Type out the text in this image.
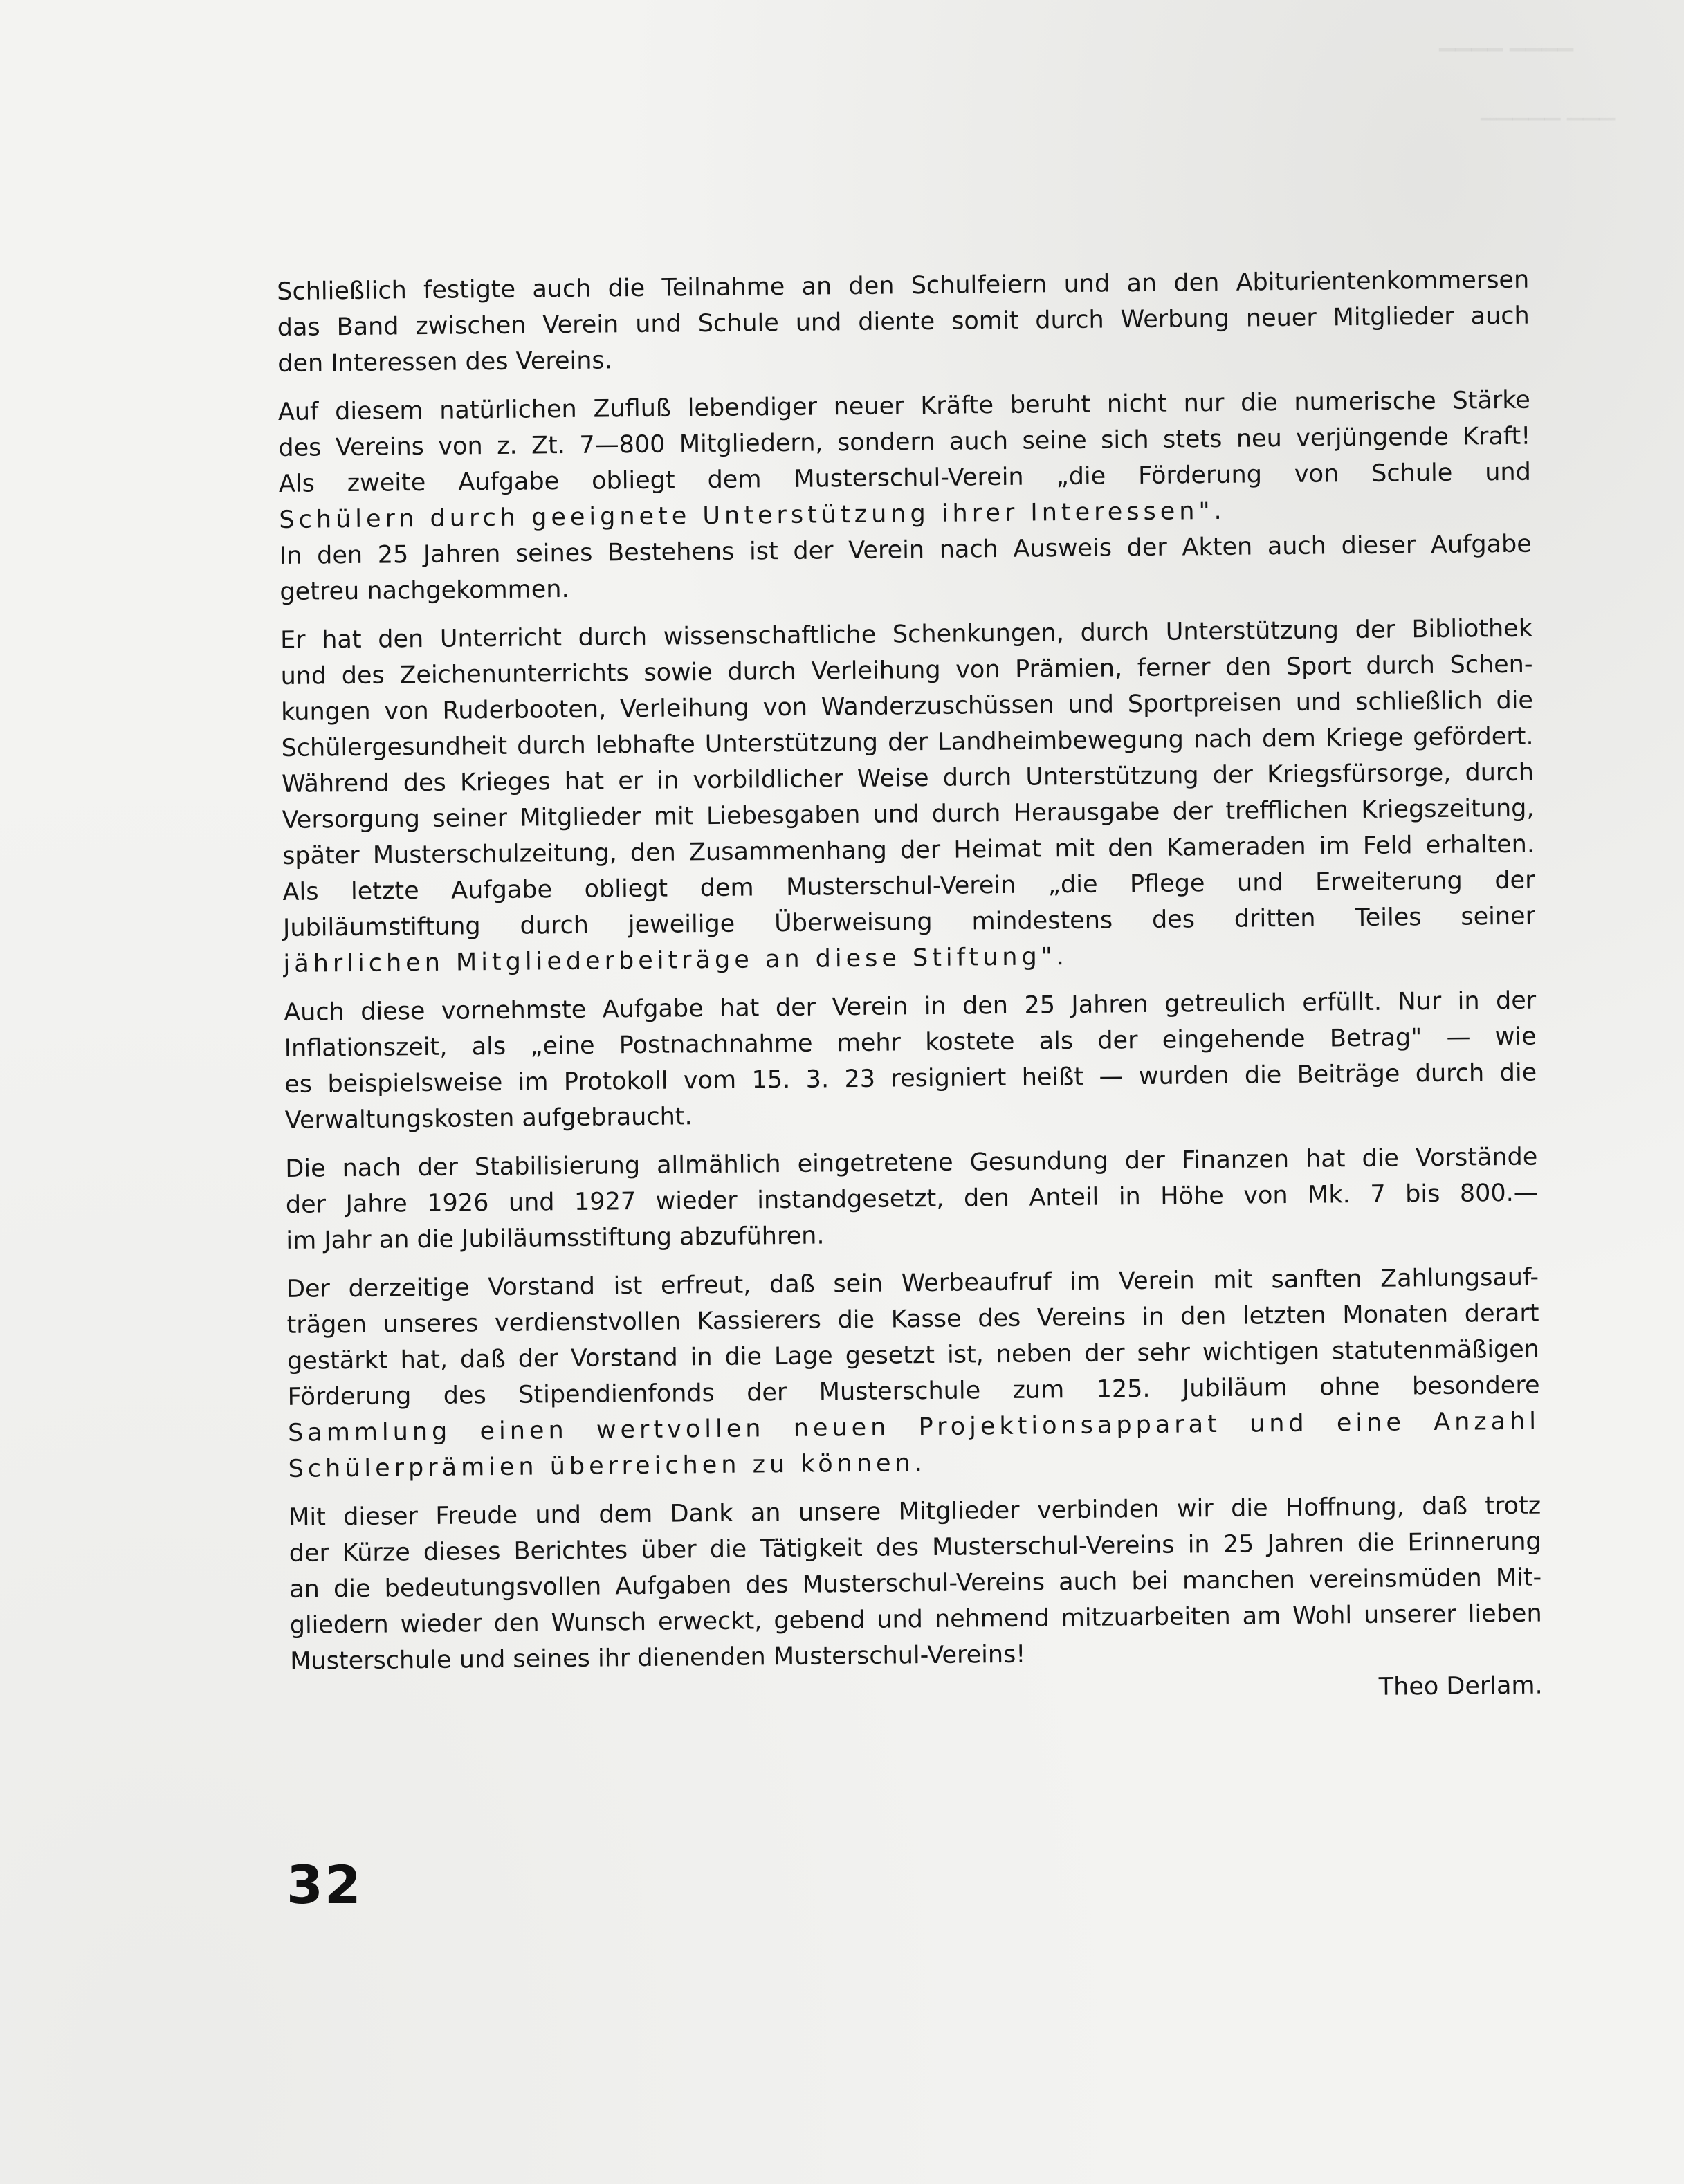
▁▁▁▁ ▁▁▁▁
▁▁▁▁▁ ▁▁▁
Schließlich festigte auch die Teilnahme an den Schulfeiern und an den Abiturientenkommersen
das Band zwischen Verein und Schule und diente somit durch Werbung neuer Mitglieder auch
den Interessen des Vereins.
Auf diesem natürlichen Zufluß lebendiger neuer Kräfte beruht nicht nur die numerische Stärke
des Vereins von z. Zt. 7—800 Mitgliedern, sondern auch seine sich stets neu verjüngende Kraft!
Als zweite Aufgabe obliegt dem Musterschul-Verein „die Förderung von Schule und
Schülern durch geeignete Unterstützung ihrer Interessen".
In den 25 Jahren seines Bestehens ist der Verein nach Ausweis der Akten auch dieser Aufgabe
getreu nachgekommen.
Er hat den Unterricht durch wissenschaftliche Schenkungen, durch Unterstützung der Bibliothek
und des Zeichenunterrichts sowie durch Verleihung von Prämien, ferner den Sport durch Schen-
kungen von Ruderbooten, Verleihung von Wanderzuschüssen und Sportpreisen und schließlich die
Schülergesundheit durch lebhafte Unterstützung der Landheimbewegung nach dem Kriege gefördert.
Während des Krieges hat er in vorbildlicher Weise durch Unterstützung der Kriegsfürsorge, durch
Versorgung seiner Mitglieder mit Liebesgaben und durch Herausgabe der trefflichen Kriegszeitung,
später Musterschulzeitung, den Zusammenhang der Heimat mit den Kameraden im Feld erhalten.
Als letzte Aufgabe obliegt dem Musterschul-Verein „die Pflege und Erweiterung der
Jubiläumstiftung durch jeweilige Überweisung mindestens des dritten Teiles seiner
jährlichen Mitgliederbeiträge an diese Stiftung".
Auch diese vornehmste Aufgabe hat der Verein in den 25 Jahren getreulich erfüllt. Nur in der
Inflationszeit, als „eine Postnachnahme mehr kostete als der eingehende Betrag" — wie
es beispielsweise im Protokoll vom 15. 3. 23 resigniert heißt — wurden die Beiträge durch die
Verwaltungskosten aufgebraucht.
Die nach der Stabilisierung allmählich eingetretene Gesundung der Finanzen hat die Vorstände
der Jahre 1926 und 1927 wieder instandgesetzt, den Anteil in Höhe von Mk. 7 bis 800.—
im Jahr an die Jubiläumsstiftung abzuführen.
Der derzeitige Vorstand ist erfreut, daß sein Werbeaufruf im Verein mit sanften Zahlungsauf-
trägen unseres verdienstvollen Kassierers die Kasse des Vereins in den letzten Monaten derart
gestärkt hat, daß der Vorstand in die Lage gesetzt ist, neben der sehr wichtigen statutenmäßigen
Förderung des Stipendienfonds der Musterschule zum 125. Jubiläum ohne besondere
Sammlung einen wertvollen neuen Projektionsapparat und eine Anzahl
Schülerprämien überreichen zu können.
Mit dieser Freude und dem Dank an unsere Mitglieder verbinden wir die Hoffnung, daß trotz
der Kürze dieses Berichtes über die Tätigkeit des Musterschul-Vereins in 25 Jahren die Erinnerung
an die bedeutungsvollen Aufgaben des Musterschul-Vereins auch bei manchen vereinsmüden Mit-
gliedern wieder den Wunsch erweckt, gebend und nehmend mitzuarbeiten am Wohl unserer lieben
Musterschule und seines ihr dienenden Musterschul-Vereins!
Theo Derlam.
32
